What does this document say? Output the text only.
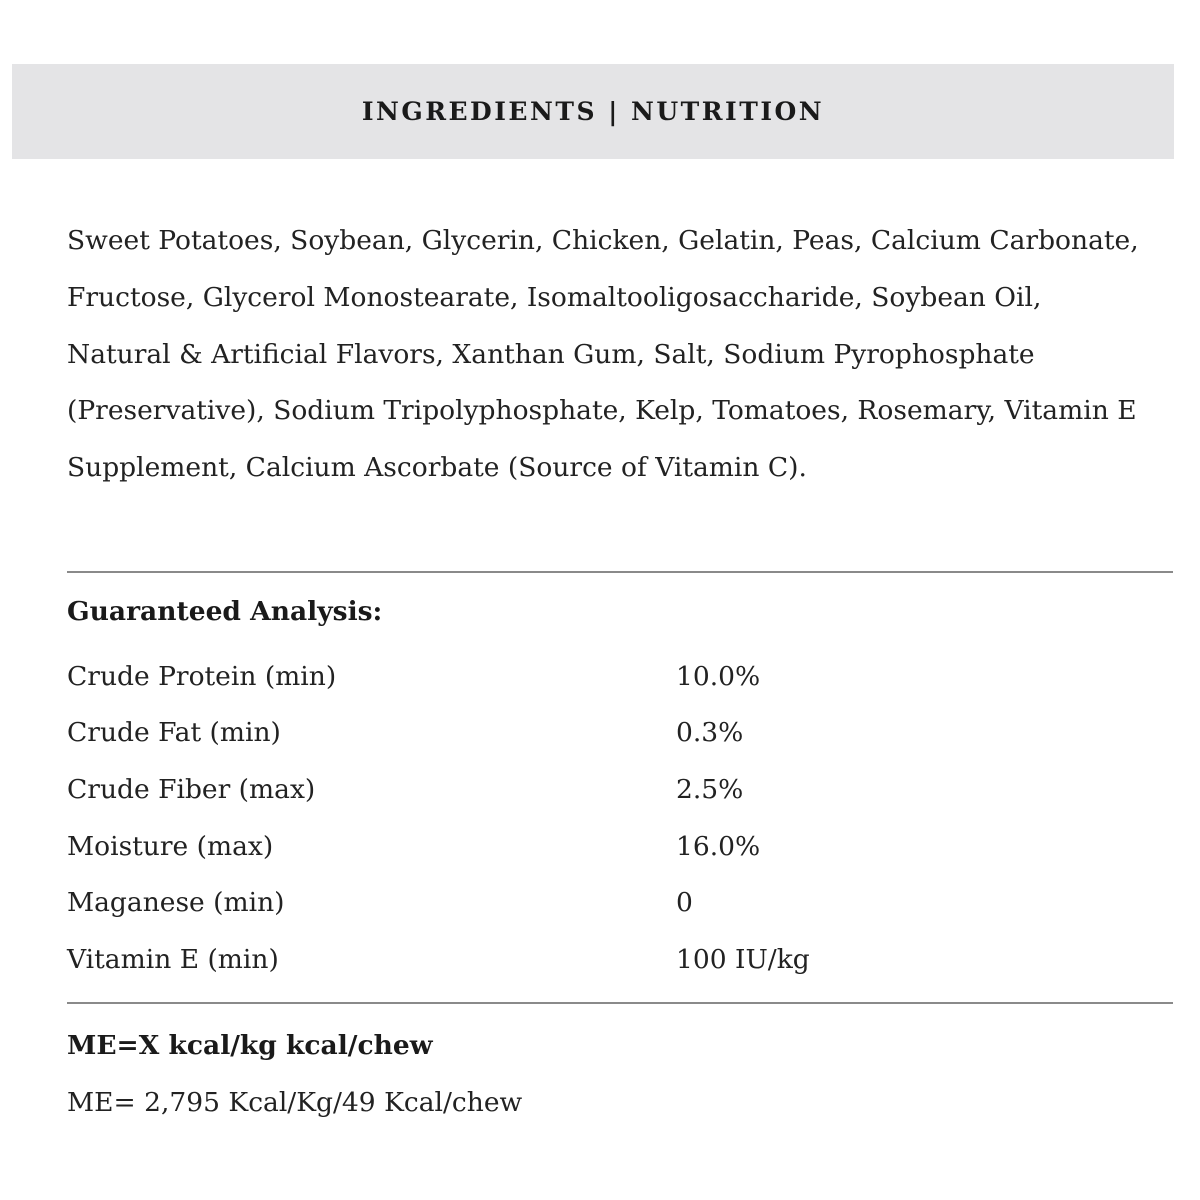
INGREDIENTS | NUTRITION

Sweet Potatoes, Soybean, Glycerin, Chicken, Gelatin, Peas, Calcium Carbonate, Fructose, Glycerol Monostearate, Isomaltooligosaccharide, Soybean Oil, Natural & Artificial Flavors, Xanthan Gum, Salt, Sodium Pyrophosphate (Preservative), Sodium Tripolyphosphate, Kelp, Tomatoes, Rosemary, Vitamin E Supplement, Calcium Ascorbate (Source of Vitamin C).

Guaranteed Analysis:

Crude Protein (min)	10.0%
Crude Fat (min)	0.3%
Crude Fiber (max)	2.5%
Moisture (max)	16.0%
Maganese (min)	0
Vitamin E (min)	100 IU/kg

ME=X kcal/kg kcal/chew

ME= 2,795 Kcal/Kg/49 Kcal/chew
